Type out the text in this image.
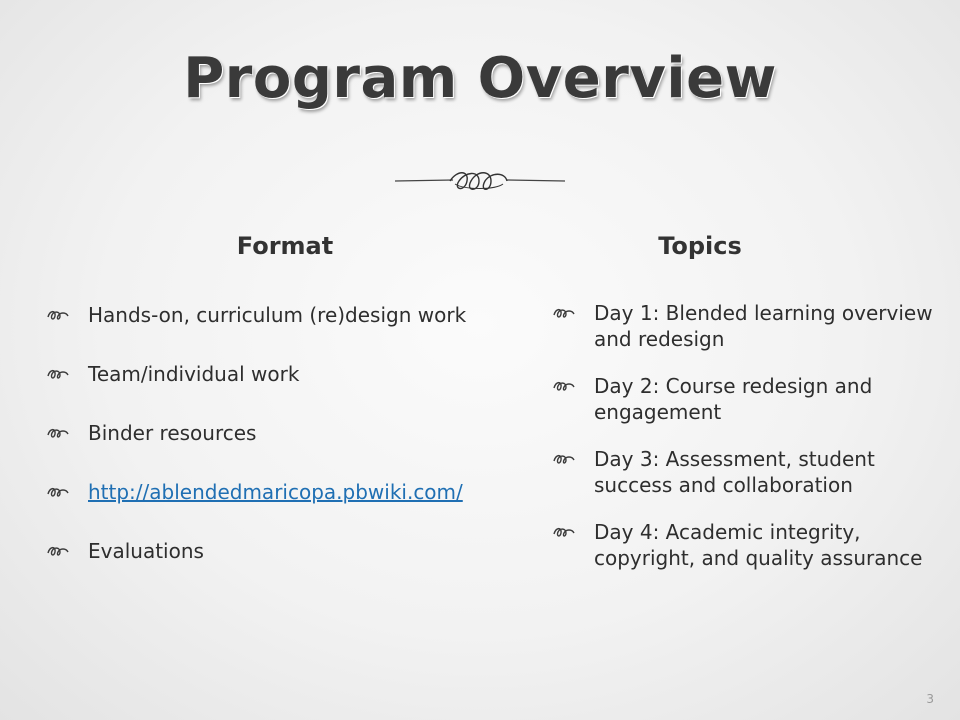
Program Overview
Format	Topics
Hands-on, curriculum (re)design work
Team/individual work
Binder resources
http://ablendedmaricopa.pbwiki.com/
Evaluations
Day 1: Blended learning overview and redesign
Day 2: Course redesign and engagement
Day 3: Assessment, student success and collaboration
Day 4: Academic integrity, copyright, and quality assurance
3
